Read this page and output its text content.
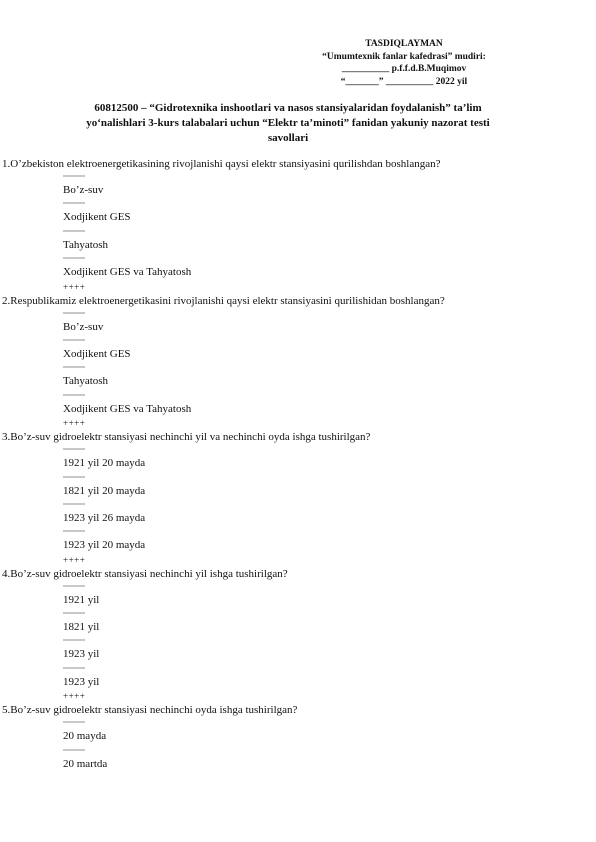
TASDIQLAYMAN
“Umumtexnik fanlar kafedrasi” mudiri:
__________ p.f.f.d.B.Muqimov
“_______” __________ 2022 yil
60812500 – “Gidrotexnika inshootlari va nasos stansiyalaridan foydalanish” ta’lim
yo‘nalishlari 3-kurs talabalari uchun “Elektr ta’minoti” fanidan yakuniy nazorat testi
savollari
1.O’zbekiston elektroenergetikasining rivojlanishi qaysi elektr stansiyasini qurilishdan boshlangan?
Bo’z-suv
Xodjikent GES
Tahyatosh
Xodjikent GES va Tahyatosh
++++
2.Respublikamiz elektroenergetikasini rivojlanishi qaysi elektr stansiyasini qurilishidan boshlangan?
Bo’z-suv
Xodjikent GES
Tahyatosh
Xodjikent GES va Tahyatosh
++++
3.Bo’z-suv gidroelektr stansiyasi nechinchi yil va nechinchi oyda ishga tushirilgan?
1921 yil 20 mayda
1821 yil 20 mayda
1923 yil 26 mayda
1923 yil 20 mayda
++++
4.Bo’z-suv gidroelektr stansiyasi nechinchi yil ishga tushirilgan?
1921 yil
1821 yil
1923 yil
1923 yil
++++
5.Bo’z-suv gidroelektr stansiyasi nechinchi oyda ishga tushirilgan?
20 mayda
20 martda
